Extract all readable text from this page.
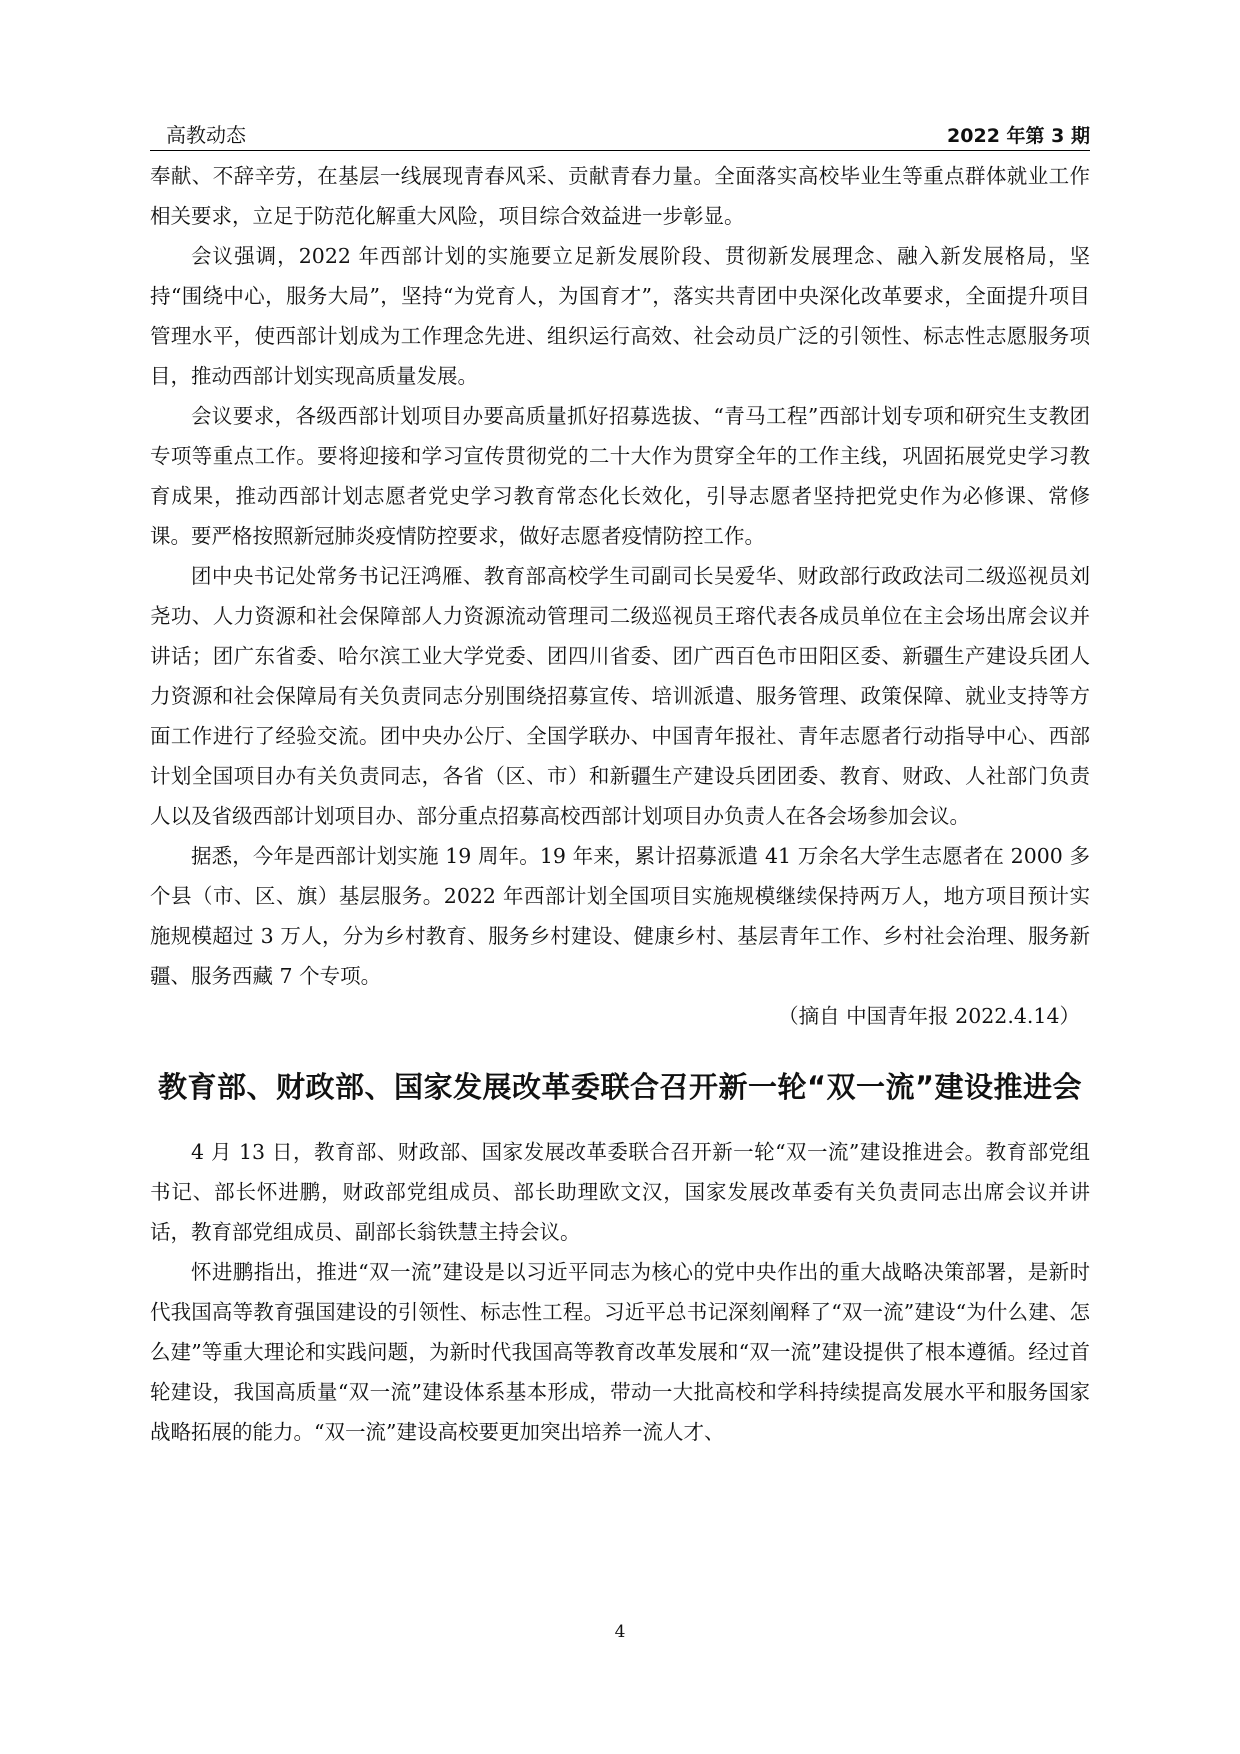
高教动态	2022 年第 3 期

奉献、不辞辛劳，在基层一线展现青春风采、贡献青春力量。全面落实高校毕业生等重点群体就业工作相关要求，立足于防范化解重大风险，项目综合效益进一步彰显。

会议强调，2022 年西部计划的实施要立足新发展阶段、贯彻新发展理念、融入新发展格局，坚持“围绕中心，服务大局”，坚持“为党育人，为国育才”，落实共青团中央深化改革要求，全面提升项目管理水平，使西部计划成为工作理念先进、组织运行高效、社会动员广泛的引领性、标志性志愿服务项目，推动西部计划实现高质量发展。

会议要求，各级西部计划项目办要高质量抓好招募选拔、“青马工程”西部计划专项和研究生支教团专项等重点工作。要将迎接和学习宣传贯彻党的二十大作为贯穿全年的工作主线，巩固拓展党史学习教育成果，推动西部计划志愿者党史学习教育常态化长效化，引导志愿者坚持把党史作为必修课、常修课。要严格按照新冠肺炎疫情防控要求，做好志愿者疫情防控工作。

团中央书记处常务书记汪鸿雁、教育部高校学生司副司长吴爱华、财政部行政政法司二级巡视员刘尧功、人力资源和社会保障部人力资源流动管理司二级巡视员王瑢代表各成员单位在主会场出席会议并讲话；团广东省委、哈尔滨工业大学党委、团四川省委、团广西百色市田阳区委、新疆生产建设兵团人力资源和社会保障局有关负责同志分别围绕招募宣传、培训派遣、服务管理、政策保障、就业支持等方面工作进行了经验交流。团中央办公厅、全国学联办、中国青年报社、青年志愿者行动指导中心、西部计划全国项目办有关负责同志，各省（区、市）和新疆生产建设兵团团委、教育、财政、人社部门负责人以及省级西部计划项目办、部分重点招募高校西部计划项目办负责人在各会场参加会议。

据悉，今年是西部计划实施 19 周年。19 年来，累计招募派遣 41 万余名大学生志愿者在 2000 多个县（市、区、旗）基层服务。2022 年西部计划全国项目实施规模继续保持两万人，地方项目预计实施规模超过 3 万人，分为乡村教育、服务乡村建设、健康乡村、基层青年工作、乡村社会治理、服务新疆、服务西藏 7 个专项。

（摘自 中国青年报 2022.4.14）

教育部、财政部、国家发展改革委联合召开新一轮“双一流”建设推进会

4 月 13 日，教育部、财政部、国家发展改革委联合召开新一轮“双一流”建设推进会。教育部党组书记、部长怀进鹏，财政部党组成员、部长助理欧文汉，国家发展改革委有关负责同志出席会议并讲话，教育部党组成员、副部长翁铁慧主持会议。

怀进鹏指出，推进“双一流”建设是以习近平同志为核心的党中央作出的重大战略决策部署，是新时代我国高等教育强国建设的引领性、标志性工程。习近平总书记深刻阐释了“双一流”建设“为什么建、怎么建”等重大理论和实践问题，为新时代我国高等教育改革发展和“双一流”建设提供了根本遵循。经过首轮建设，我国高质量“双一流”建设体系基本形成，带动一大批高校和学科持续提高发展水平和服务国家战略拓展的能力。“双一流”建设高校要更加突出培养一流人才、

4
